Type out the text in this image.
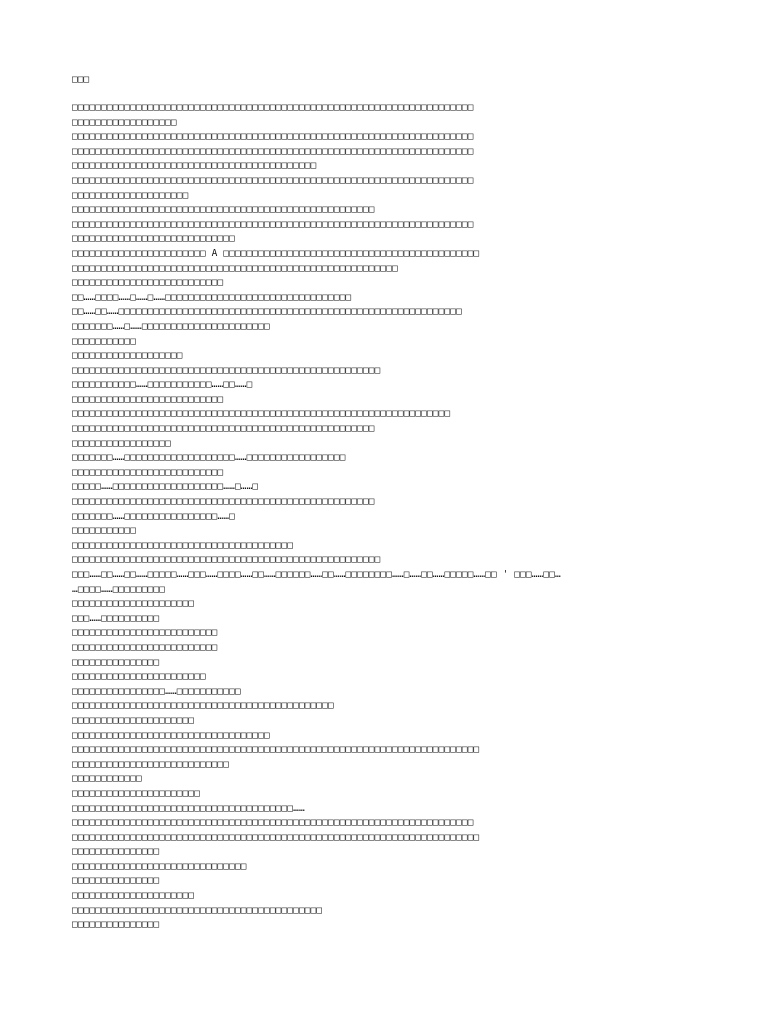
□□□
□□□□□□□□□□□□□□□□□□□□□□□□□□□□□□□□□□□□□□□□□□□□□□□□□□□□□□□□□□□□□□□□□□□□□
□□□□□□□□□□□□□□□□□□
□□□□□□□□□□□□□□□□□□□□□□□□□□□□□□□□□□□□□□□□□□□□□□□□□□□□□□□□□□□□□□□□□□□□□
□□□□□□□□□□□□□□□□□□□□□□□□□□□□□□□□□□□□□□□□□□□□□□□□□□□□□□□□□□□□□□□□□□□□□
□□□□□□□□□□□□□□□□□□□□□□□□□□□□□□□□□□□□□□□□□□
□□□□□□□□□□□□□□□□□□□□□□□□□□□□□□□□□□□□□□□□□□□□□□□□□□□□□□□□□□□□□□□□□□□□□
□□□□□□□□□□□□□□□□□□□□
□□□□□□□□□□□□□□□□□□□□□□□□□□□□□□□□□□□□□□□□□□□□□□□□□□□□
□□□□□□□□□□□□□□□□□□□□□□□□□□□□□□□□□□□□□□□□□□□□□□□□□□□□□□□□□□□□□□□□□□□□□
□□□□□□□□□□□□□□□□□□□□□□□□□□□□
□□□□□□□□□□□□□□□□□□□□□□□ A □□□□□□□□□□□□□□□□□□□□□□□□□□□□□□□□□□□□□□□□□□□□
□□□□□□□□□□□□□□□□□□□□□□□□□□□□□□□□□□□□□□□□□□□□□□□□□□□□□□□□
□□□□□□□□□□□□□□□□□□□□□□□□□□
□□……□□□□……□……□……□□□□□□□□□□□□□□□□□□□□□□□□□□□□□□□□
□□……□□……□□□□□□□□□□□□□□□□□□□□□□□□□□□□□□□□□□□□□□□□□□□□□□□□□□□□□□□□□□□
□□□□□□□……□……□□□□□□□□□□□□□□□□□□□□□□
□□□□□□□□□□□
□□□□□□□□□□□□□□□□□□□
□□□□□□□□□□□□□□□□□□□□□□□□□□□□□□□□□□□□□□□□□□□□□□□□□□□□□
□□□□□□□□□□□……□□□□□□□□□□□……□□……□
□□□□□□□□□□□□□□□□□□□□□□□□□□
□□□□□□□□□□□□□□□□□□□□□□□□□□□□□□□□□□□□□□□□□□□□□□□□□□□□□□□□□□□□□□□□□
□□□□□□□□□□□□□□□□□□□□□□□□□□□□□□□□□□□□□□□□□□□□□□□□□□□□
□□□□□□□□□□□□□□□□□
□□□□□□□……□□□□□□□□□□□□□□□□□□□……□□□□□□□□□□□□□□□□□
□□□□□□□□□□□□□□□□□□□□□□□□□□
□□□□□……□□□□□□□□□□□□□□□□□□□……□……□
□□□□□□□□□□□□□□□□□□□□□□□□□□□□□□□□□□□□□□□□□□□□□□□□□□□□
□□□□□□□……□□□□□□□□□□□□□□□□……□
□□□□□□□□□□□
□□□□□□□□□□□□□□□□□□□□□□□□□□□□□□□□□□□□□□
□□□□□□□□□□□□□□□□□□□□□□□□□□□□□□□□□□□□□□□□□□□□□□□□□□□□□
□□□……□□……□□……□□□□□……□□□……□□□□……□□……□□□□□□……□□……□□□□□□□□……□……□□……□□□□□……□□ ' □□□……□□…
…□□□□……□□□□□□□□□
□□□□□□□□□□□□□□□□□□□□□
□□□……□□□□□□□□□□
□□□□□□□□□□□□□□□□□□□□□□□□□
□□□□□□□□□□□□□□□□□□□□□□□□□
□□□□□□□□□□□□□□□
□□□□□□□□□□□□□□□□□□□□□□□
□□□□□□□□□□□□□□□□……□□□□□□□□□□□
□□□□□□□□□□□□□□□□□□□□□□□□□□□□□□□□□□□□□□□□□□□□□
□□□□□□□□□□□□□□□□□□□□□
□□□□□□□□□□□□□□□□□□□□□□□□□□□□□□□□□□
□□□□□□□□□□□□□□□□□□□□□□□□□□□□□□□□□□□□□□□□□□□□□□□□□□□□□□□□□□□□□□□□□□□□□□
□□□□□□□□□□□□□□□□□□□□□□□□□□□
□□□□□□□□□□□□
□□□□□□□□□□□□□□□□□□□□□□
□□□□□□□□□□□□□□□□□□□□□□□□□□□□□□□□□□□□□□……
□□□□□□□□□□□□□□□□□□□□□□□□□□□□□□□□□□□□□□□□□□□□□□□□□□□□□□□□□□□□□□□□□□□□□
□□□□□□□□□□□□□□□□□□□□□□□□□□□□□□□□□□□□□□□□□□□□□□□□□□□□□□□□□□□□□□□□□□□□□□
□□□□□□□□□□□□□□□
□□□□□□□□□□□□□□□□□□□□□□□□□□□□□□
□□□□□□□□□□□□□□□
□□□□□□□□□□□□□□□□□□□□□
□□□□□□□□□□□□□□□□□□□□□□□□□□□□□□□□□□□□□□□□□□□
□□□□□□□□□□□□□□□
